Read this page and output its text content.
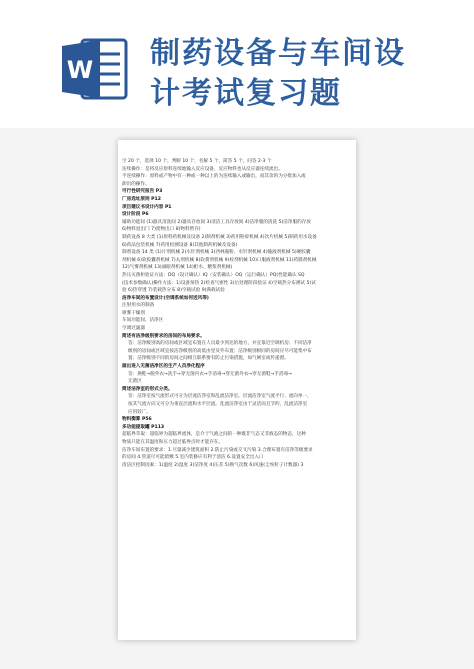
W 制药设备与车间设
计考试复习题
空 20 个，选择 10 个，判断 10 个，名解 5 个，简答 5 个，问答 2-3 个
连续操作：是将反应原料连续地输入反应设备，反应物料也从反应器连续流出。
半连续操作：原料或产物中有一种或一种以上的为连续输入或输出，而其余的为分批加入或
卸出的操作。
可行性研究报告 P3
厂房选址原则 P12
项目建议书设计内容 P1
设计阶段 P6
辅助功能间 (1)器具清洗间 2)器具存放间 3)清洁工具存放间 4)洁净服的清洗 5)洁净服的存放
6)物料退出门 7)废物出口 8)物料暂存)
制药设备 8 大类 (1)原料药机械及设备 2)制剂机械 3)药用粉碎机械 4)饮片机械 5)制药用水设备
6)药品包装机械 7)药用检测设备 8)其他制药机械及设备)
制剂设备 14 类 (1)片剂机械 2)水针剂机械 3)西林瓶粉、水针剂机械 4)输液剂机械 5)硬胶囊
剂机械 6)软胶囊剂机械 7)丸剂机械 8)软膏剂机械 9)栓剂机械 10)口服液剂机械 11)药膜剂机械
12)气雾剂机械 13)滴眼剂机械 14)酊水、糖浆剂机械)
热压灭菌柜验证方法：DQ（设计确认）IQ（安装确认）OQ（运行确认）PQ(性能确认 SQ
(技术参数确认)操作方法：1)设备预热 2)检查气密性 3)后处理阶段验证 4)空载热分布测试 5)试
验 6)热穿透 7)装载热分布 8)空载试验 9)满载试验
洁净车间的布置设计(空调系统如何送风等)
注射用水的制备
喷雾干燥剂
车间功能间、洁净区
空调过滤器
简述有洁净级别要求的房间的布局要求。
答：洁净级别高的房间或区域宜布置在人员最少到达的地方，并宜靠近空调机房；不同洁净
级别的房间或区域宜按洁净级别的高低由里及外布置；洁净级别相同的房间应尽可能集中布
置；洁净级别不同的房间之间相互联系要有防止污染措施，如气闸室或传递窗。
画出进入无菌洁净区的生产人员净化程序
答：换鞋→脱外衣→洗手→穿无菌内衣→手消毒→穿无菌外衣→穿无菌鞋→手消毒→
无菌区
简述洁净室的形式分类。
答：洁净室按气流形式可分为层流洁净室和乱流洁净室。层流洁净室气流平行、流向单一，
按其气流方向又可分为垂直层流和水平层流。乱流洁净室由于灵活而且节约，乱流洁净室
应用较广。
物料衡算 P56
多功能提取罐 P113
超临界萃取：超临界为超临界流体，是介于气液之间的一种既非气态又非液态的物态，这种
物质只能在其温度和压力超过临界点时才能存在。
洁净车间布置的要求：1.尽量减少建筑面积 2.防止污染或交叉污染 3.合理布置有洁净等级要求
的房间 4.管道尽可能暗敷 5.室内装修应有利于清洁 6.设置安全出入口
清洁区控制因素：1)温度 2)湿度 3)洁净度 4)压差 5)换气次数 6)风速(尘埃粒子计数器) 3
